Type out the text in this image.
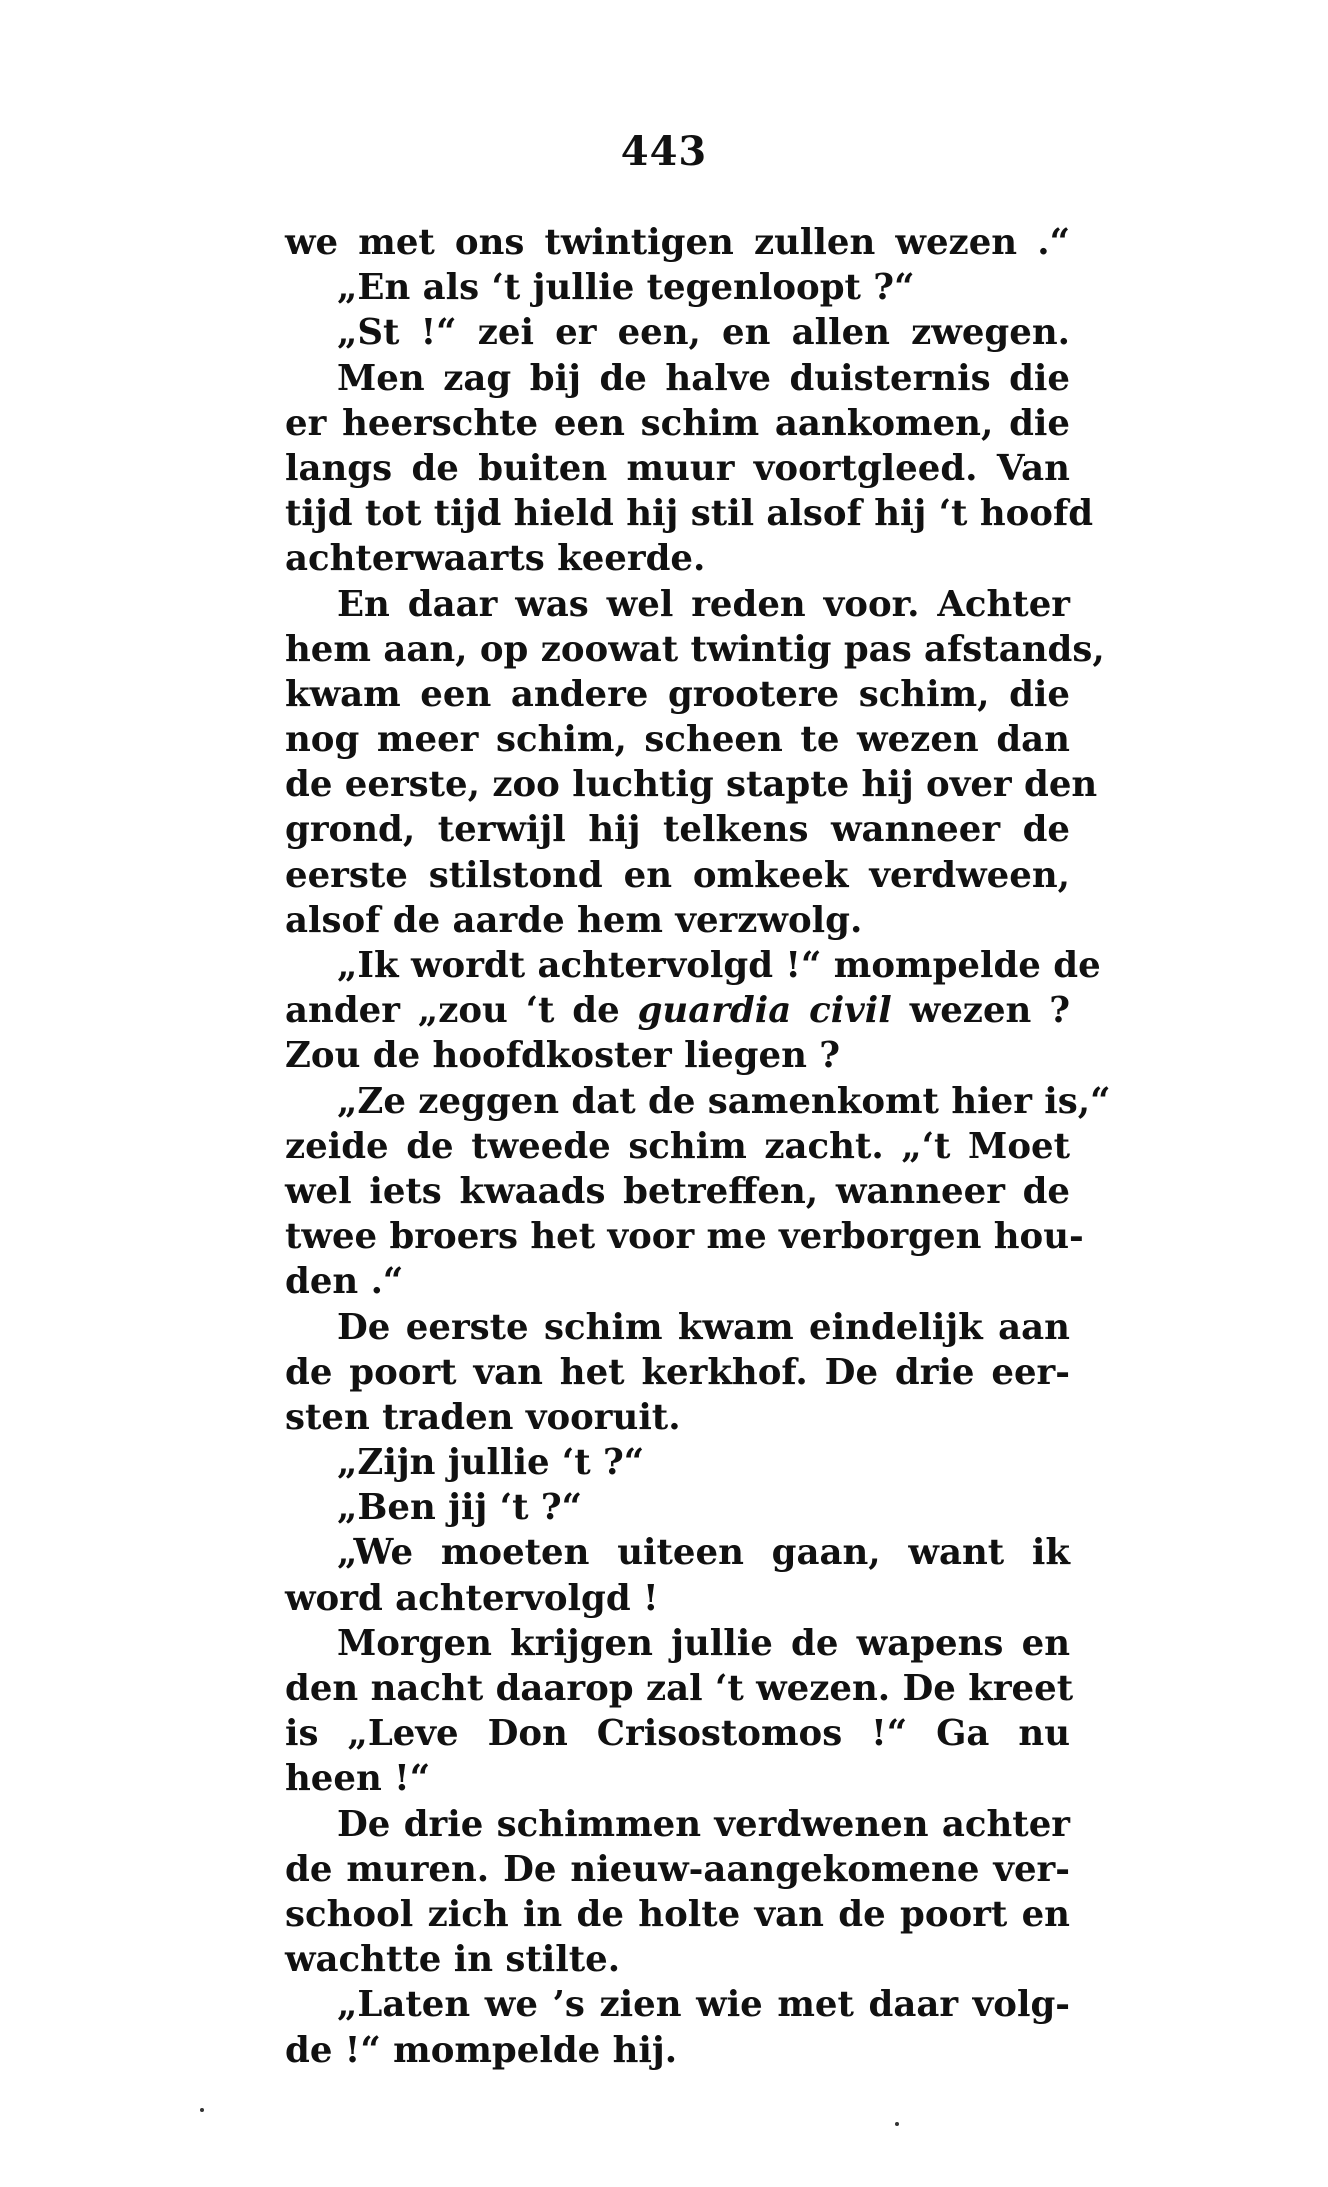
443
we met ons twintigen zullen wezen .“
„En als ‘t jullie tegenloopt ?“
„St !“ zei er een, en allen zwegen.
Men zag bij de halve duisternis die
er heerschte een schim aankomen, die
langs de buiten muur voortgleed. Van
tijd tot tijd hield hij stil alsof hij ‘t hoofd
achterwaarts keerde.
En daar was wel reden voor. Achter
hem aan, op zoowat twintig pas afstands,
kwam een andere grootere schim, die
nog meer schim, scheen te wezen dan
de eerste, zoo luchtig stapte hij over den
grond, terwijl hij telkens wanneer de
eerste stilstond en omkeek verdween,
alsof de aarde hem verzwolg.
„Ik wordt achtervolgd !“ mompelde de
ander „zou ‘t de guardia civil wezen ?
Zou de hoofdkoster liegen ?
„Ze zeggen dat de samenkomt hier is,“
zeide de tweede schim zacht. „‘t Moet
wel iets kwaads betreffen, wanneer de
twee broers het voor me verborgen hou-
den .“
De eerste schim kwam eindelijk aan
de poort van het kerkhof. De drie eer-
sten traden vooruit.
„Zijn jullie ‘t ?“
„Ben jij ‘t ?“
„We moeten uiteen gaan, want ik
word achtervolgd !
Morgen krijgen jullie de wapens en
den nacht daarop zal ‘t wezen. De kreet
is „Leve Don Crisostomos !“ Ga nu
heen !“
De drie schimmen verdwenen achter
de muren. De nieuw-aangekomene ver-
school zich in de holte van de poort en
wachtte in stilte.
„Laten we ’s zien wie met daar volg-
de !“ mompelde hij.
